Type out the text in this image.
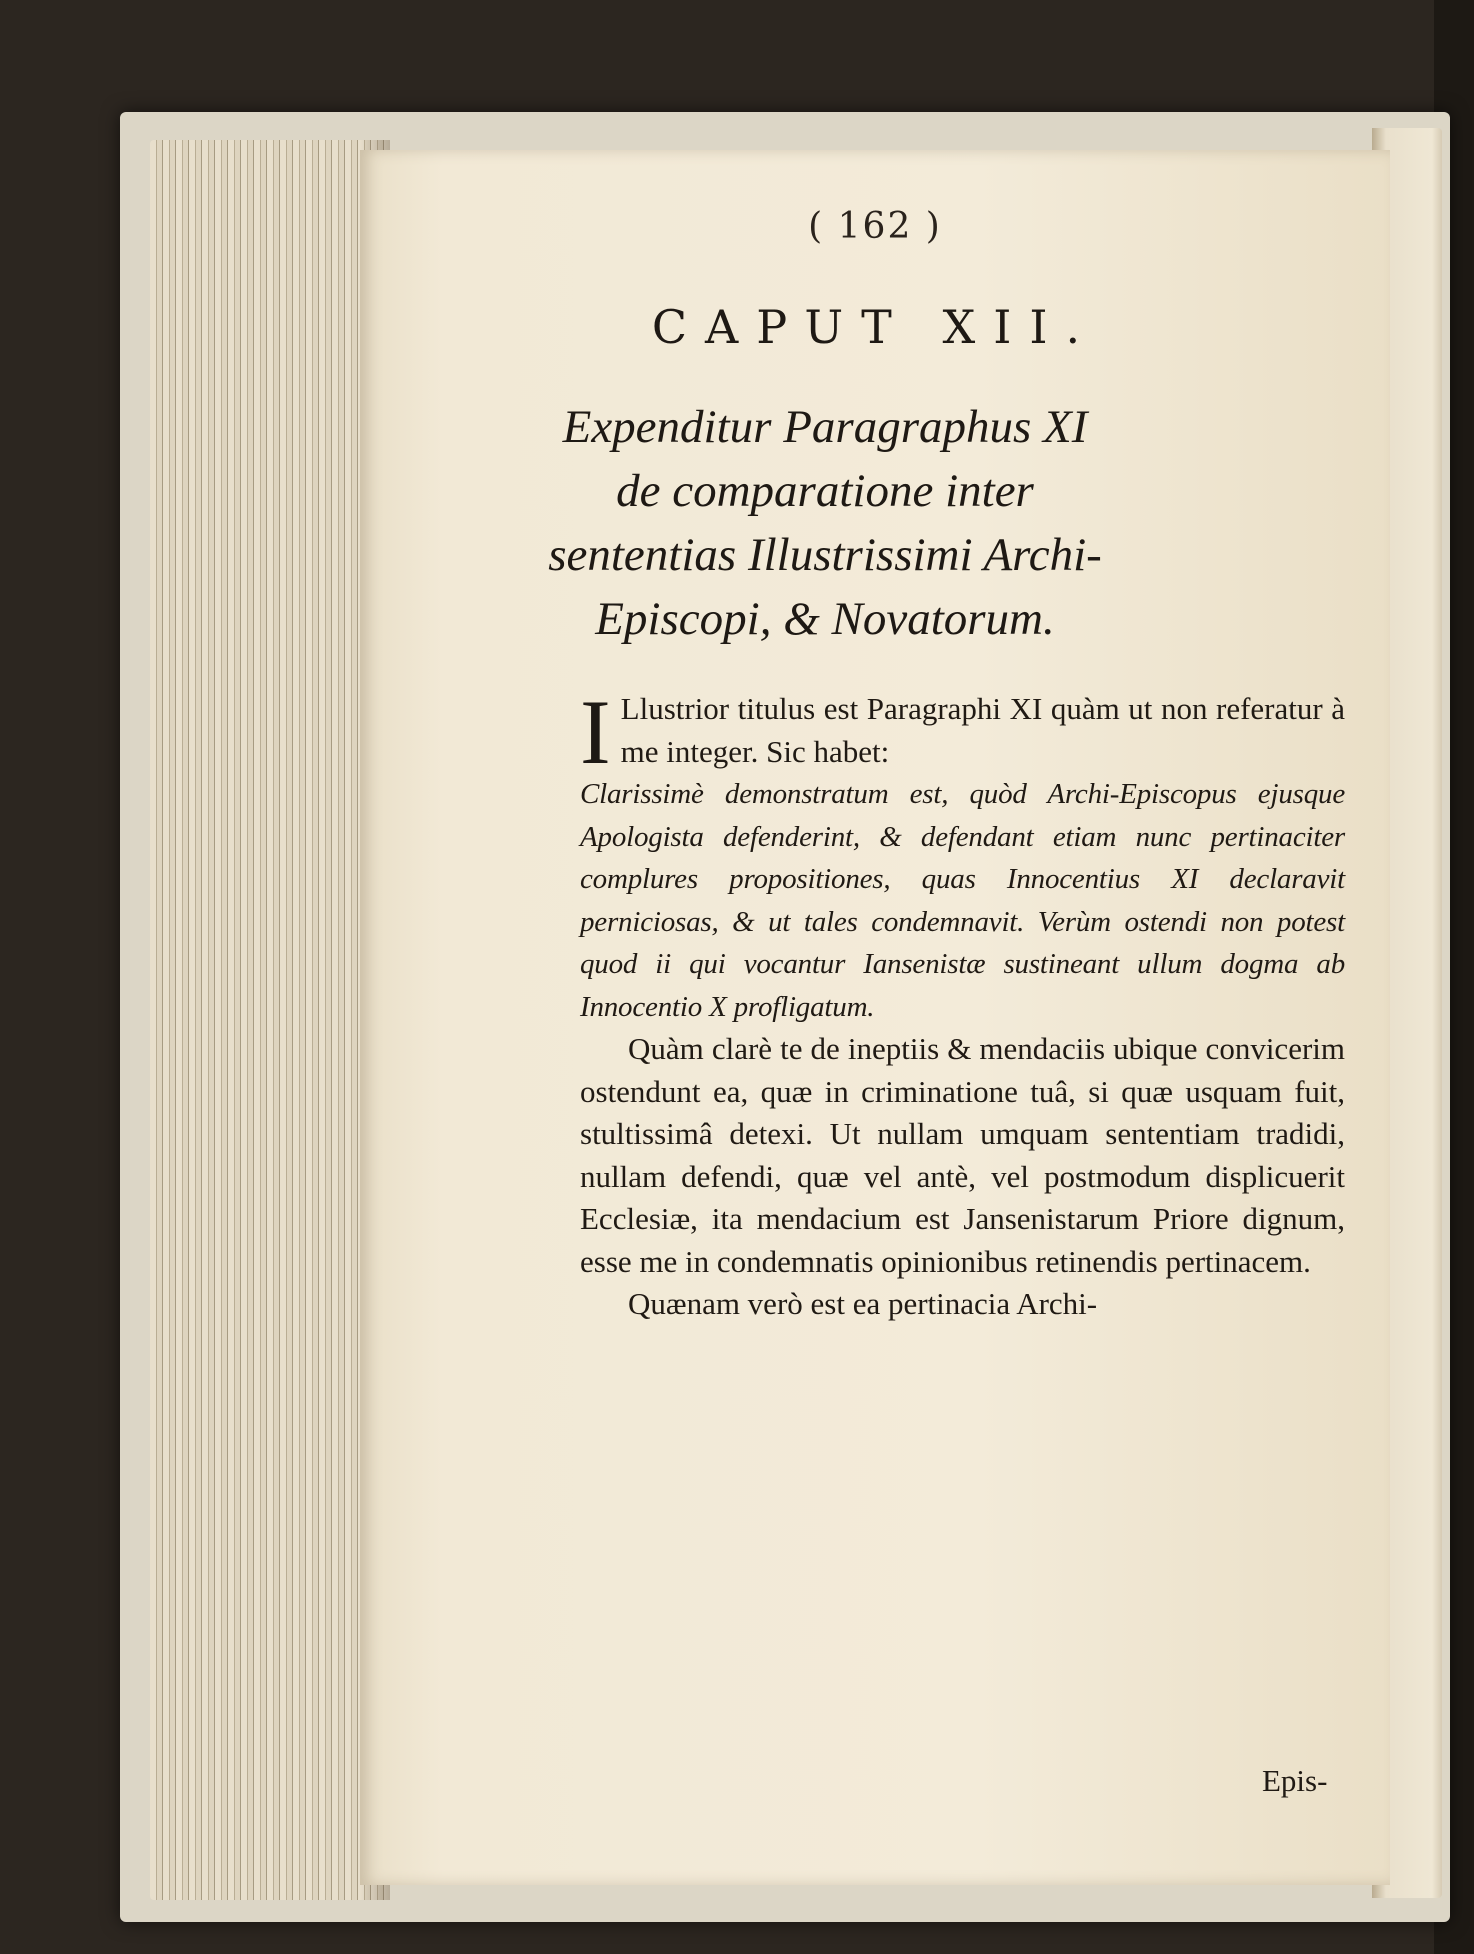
( 162 )
CAPUT XII.
Expenditur Paragraphus XI de comparatione inter sententias Illustrissimi Archi-Episcopi, & Novatorum.
I Llustrior titulus est Paragraphi XI quàm ut non referatur à me integer. Sic habet:
Clarissimè demonstratum est, quòd Archi-Episcopus ejusque Apologista defenderint, & defendant etiam nunc pertinaciter complures propositiones, quas Innocentius XI declaravit perniciosas, & ut tales condemnavit. Verùm ostendi non potest quod ii qui vocantur Iansenistæ sustineant ullum dogma ab Innocentio X profligatum.
Quàm clarè te de ineptiis & mendaciis ubique convicerim ostendunt ea, quæ in criminatione tuâ, si quæ usquam fuit, stultissimâ detexi. Ut nullam umquam sententiam tradidi, nullam defendi, quæ vel antè, vel postmodum displicuerit Ecclesiæ, ita mendacium est Jansenistarum Priore dignum, esse me in condemnatis opinionibus retinendis pertinacem.
Quænam verò est ea pertinacia Archi-
Epis-
